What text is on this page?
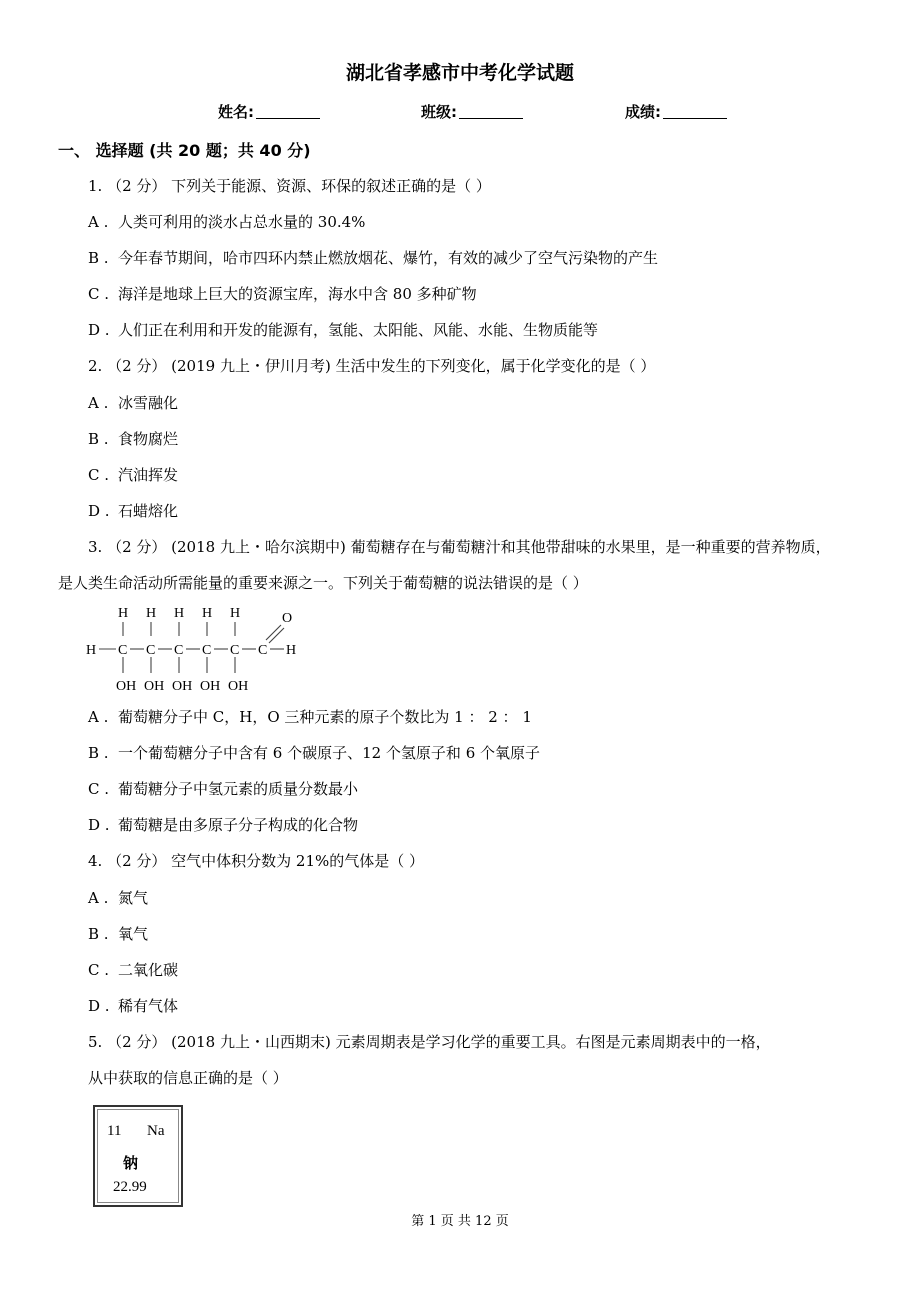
湖北省孝感市中考化学试题
姓名:	班级:	成绩:
一、 选择题 (共 20 题；共 40 分)
1. （2 分） 下列关于能源、资源、环保的叙述正确的是（ ）
A . 人类可利用的淡水占总水量的 30.4%
B . 今年春节期间，哈市四环内禁止燃放烟花、爆竹，有效的减少了空气污染物的产生
C . 海洋是地球上巨大的资源宝库，海水中含 80 多种矿物
D . 人们正在利用和开发的能源有，氢能、太阳能、风能、水能、生物质能等
2. （2 分） (2019 九上・伊川月考) 生活中发生的下列变化，属于化学变化的是（ ）
A . 冰雪融化
B . 食物腐烂
C . 汽油挥发
D . 石蜡熔化
3. （2 分） (2018 九上・哈尔滨期中) 葡萄糖存在与葡萄糖汁和其他带甜味的水果里，是一种重要的营养物质，
是人类生命活动所需能量的重要来源之一。下列关于葡萄糖的说法错误的是（ ）
H H H H H
H C C C C C C H
O
OH OH OH OH OH
A . 葡萄糖分子中 C，H，O 三种元素的原子个数比为 1 ： 2 ： 1
B . 一个葡萄糖分子中含有 6 个碳原子、12 个氢原子和 6 个氧原子
C . 葡萄糖分子中氢元素的质量分数最小
D . 葡萄糖是由多原子分子构成的化合物
4. （2 分） 空气中体积分数为 21%的气体是（ ）
A . 氮气
B . 氧气
C . 二氧化碳
D . 稀有气体
5. （2 分） (2018 九上・山西期末) 元素周期表是学习化学的重要工具。右图是元素周期表中的一格，
从中获取的信息正确的是（ ）
11 Na
钠
22.99
第 1 页 共 12 页
